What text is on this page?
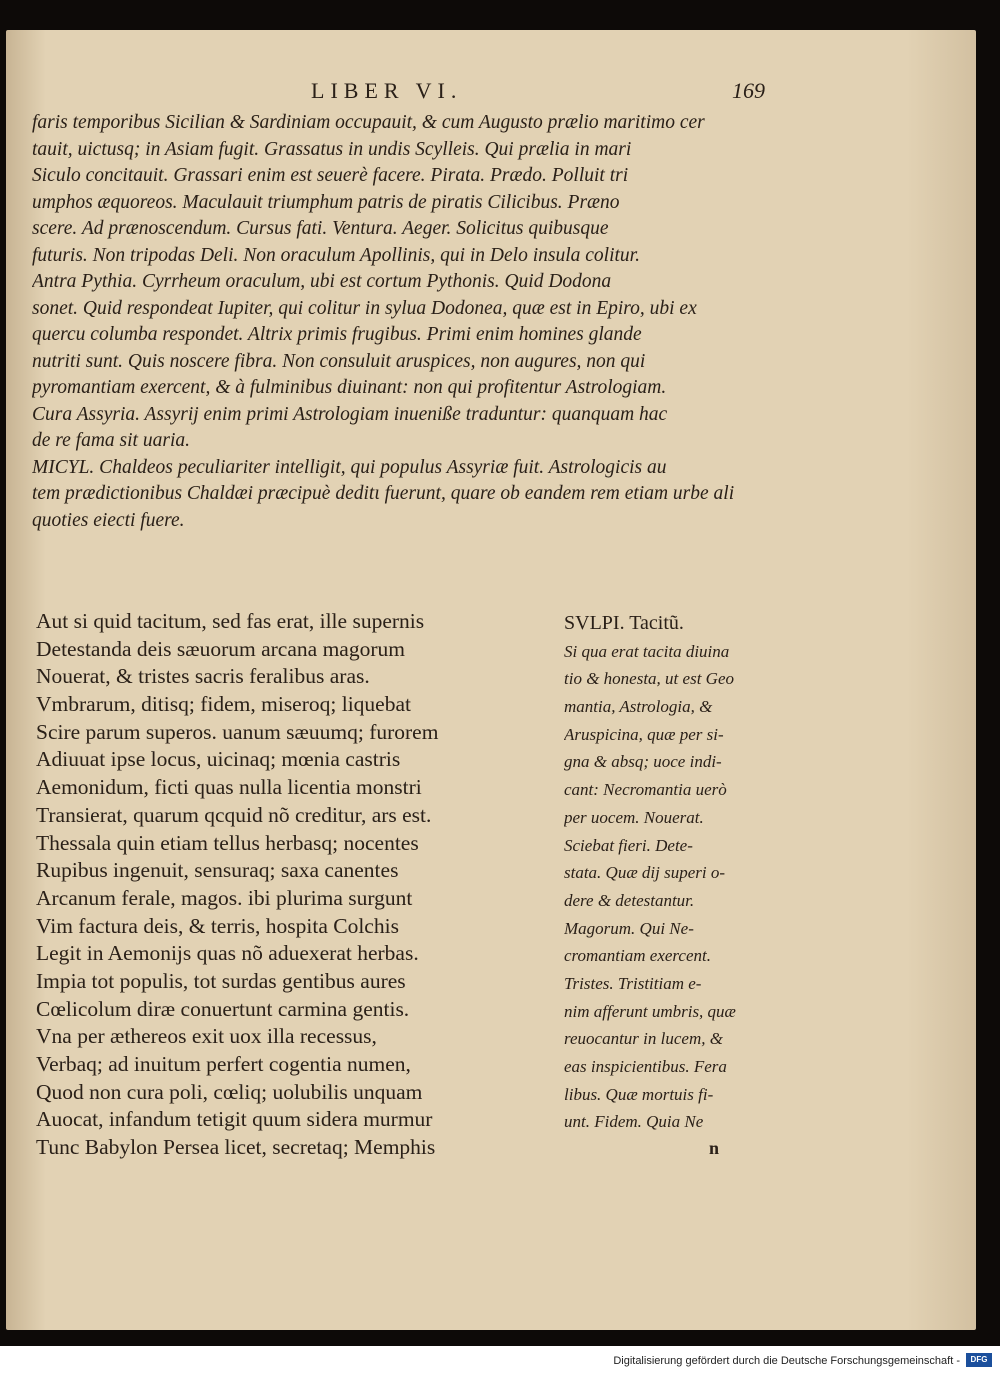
LIBER VI.	169
faris temporibus Sicilian & Sardiniam occupauit, & cum Augusto prælio maritimo cer
tauit, uictusq; in Asiam fugit. Grassatus in undis Scylleis. Qui prælia in mari
Siculo concitauit. Grassari enim est seuerè facere. Pirata. Prædo. Polluit tri
umphos æquoreos. Maculauit triumphum patris de piratis Cilicibus. Præno
scere. Ad prænoscendum. Cursus fati. Ventura. Aeger. Solicitus quibusque
futuris. Non tripodas Deli. Non oraculum Apollinis, qui in Delo insula colitur.
Antra Pythia. Cyrrheum oraculum, ubi est cortum Pythonis. Quid Dodona
sonet. Quid respondeat Iupiter, qui colitur in sylua Dodonea, quæ est in Epiro, ubi ex
quercu columba respondet. Altrix primis frugibus. Primi enim homines glande
nutriti sunt. Quis noscere fibra. Non consuluit aruspices, non augures, non qui
pyromantiam exercent, & à fulminibus diuinant: non qui profitentur Astrologiam.
Cura Assyria. Assyrij enim primi Astrologiam inueniße traduntur: quanquam hac
de re fama sit uaria.
MICYL. Chaldeos peculiariter intelligit, qui populus Assyriæ fuit. Astrologicis au
tem prædictionibus Chaldæi præcipuè deditι fuerunt, quare ob eandem rem etiam urbe ali
quoties eiecti fuere.
Aut si quid tacitum, sed fas erat, ille supernis
Detestanda deis sæuorum arcana magorum
Nouerat, & tristes sacris feralibus aras.
Vmbrarum, ditisq; fidem, miseroq; liquebat
Scire parum superos. uanum sæuumq; furorem
Adiuuat ipse locus, uicinaq; mœnia castris
Aemonidum, ficti quas nulla licentia monstri
Transierat, quarum qcquid nõ creditur, ars est.
Thessala quin etiam tellus herbasq; nocentes
Rupibus ingenuit, sensuraq; saxa canentes
Arcanum ferale, magos. ibi plurima surgunt
Vim factura deis, & terris, hospita Colchis
Legit in Aemonijs quas nõ aduexerat herbas.
Impia tot populis, tot surdas gentibus aures
Cœlicolum diræ conuertunt carmina gentis.
Vna per æthereos exit uox illa recessus,
Verbaq; ad inuitum perfert cogentia numen,
Quod non cura poli, cœliq; uolubilis unquam
Auocat, infandum tetigit quum sidera murmur
Tunc Babylon Persea licet, secretaq; Memphis
SVLPI. Tacitũ.
Si qua erat tacita diuina
tio & honesta, ut est Geo
mantia, Astrologia, &
Aruspicina, quæ per si-
gna & absq; uoce indi-
cant: Necromantia uerò
per uocem. Nouerat.
Sciebat fieri. Dete-
stata. Quæ dij superi o-
dere & detestantur.
Magorum. Qui Ne-
cromantiam exercent.
Tristes. Tristitiam e-
nim afferunt umbris, quæ
reuocantur in lucem, &
eas inspicientibus. Fera
libus. Quæ mortuis fi-
unt. Fidem. Quia Ne
n
Digitalisierung gefördert durch die Deutsche Forschungsgemeinschaft -	DFG
